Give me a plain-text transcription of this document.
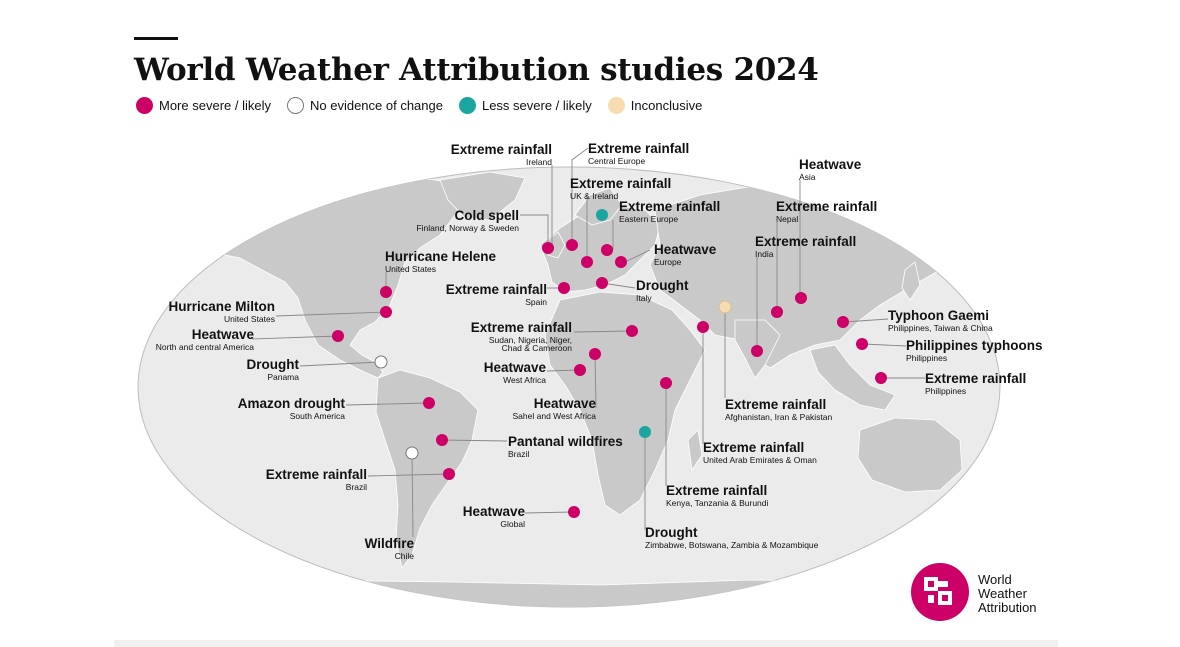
World Weather Attribution studies 2024
More severe / likely	No evidence of change	Less severe / likely	Inconclusive
Extreme rainfall
Ireland
Extreme rainfall
Central Europe
Extreme rainfall
UK & Ireland
Cold spell
Finland, Norway & Sweden
Extreme rainfall
Eastern Europe
Heatwave
Europe
Extreme rainfall
Spain
Drought
Italy
Heatwave
Asia
Extreme rainfall
Nepal
Extreme rainfall
India
Hurricane Helene
United States
Hurricane Milton
United States
Heatwave
North and central America
Drought
Panama
Amazon drought
South America
Extreme rainfall
Brazil
Wildfire
Chile
Extreme rainfall
Sudan, Nigeria, Niger,
Chad & Cameroon
Heatwave
West Africa
Heatwave
Sahel and West Africa
Pantanal wildfires
Brazil
Heatwave
Global
Drought
Zimbabwe, Botswana, Zambia & Mozambique
Extreme rainfall
Kenya, Tanzania & Burundi
Extreme rainfall
United Arab Emirates & Oman
Extreme rainfall
Afghanistan, Iran & Pakistan
Typhoon Gaemi
Philippines, Taiwan & China
Philippines typhoons
Philippines
Extreme rainfall
Philippines
World
Weather
Attribution
